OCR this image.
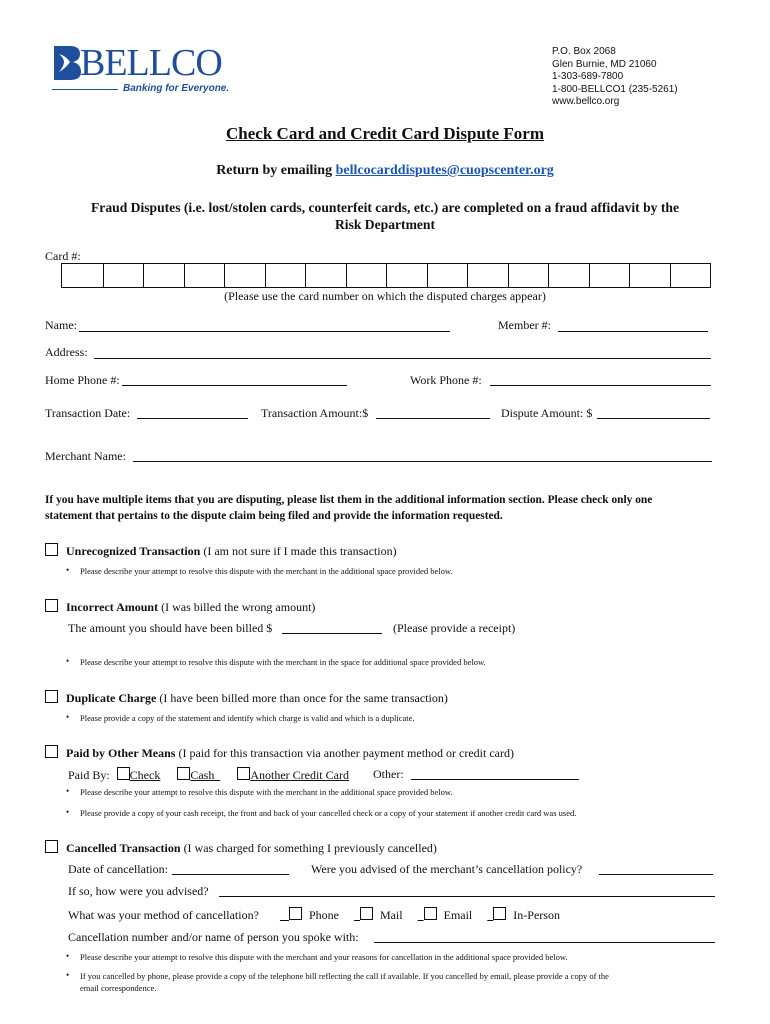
BELLCO
Banking for Everyone.
P.O. Box 2068
Glen Burnie, MD 21060
1-303-689-7800
1-800-BELLCO1 (235-5261)
www.bellco.org
Check Card and Credit Card Dispute Form
Return by emailing bellcocarddisputes@cuopscenter.org
Fraud Disputes (i.e. lost/stolen cards, counterfeit cards, etc.) are completed on a fraud affidavit by the
Risk Department
Card #:
(Please use the card number on which the disputed charges appear)
Name:	Member #:
Address:
Home Phone #:	Work Phone #:
Transaction Date:	Transaction Amount:$	Dispute Amount: $
Merchant Name:
If you have multiple items that you are disputing, please list them in the additional information section. Please check only one
statement that pertains to the dispute claim being filed and provide the information requested.
Unrecognized Transaction (I am not sure if I made this transaction)
• Please describe your attempt to resolve this dispute with the merchant in the additional space provided below.
Incorrect Amount (I was billed the wrong amount)
The amount you should have been billed $	(Please provide a receipt)
• Please describe your attempt to resolve this dispute with the merchant in the space for additional space provided below.
Duplicate Charge (I have been billed more than once for the same transaction)
• Please provide a copy of the statement and identify which charge is valid and which is a duplicate.
Paid by Other Means (I paid for this transaction via another payment method or credit card)
Paid By: Check	Cash	Another Credit Card Other:
• Please describe your attempt to resolve this dispute with the merchant in the additional space provided below.
• Please provide a copy of your cash receipt, the front and back of your cancelled check or a copy of your statement if another credit card was used.
Cancelled Transaction (I was charged for something I previously cancelled)
Date of cancellation:	Were you advised of the merchant’s cancellation policy?
If so, how were you advised?
What was your method of cancellation?	Phone	Mail	Email	In-Person
Cancellation number and/or name of person you spoke with:
• Please describe your attempt to resolve this dispute with the merchant and your reasons for cancellation in the additional space provided below.
• If you cancelled by phone, please provide a copy of the telephone bill reflecting the call if available. If you cancelled by email, please provide a copy of the
email correspondence.
